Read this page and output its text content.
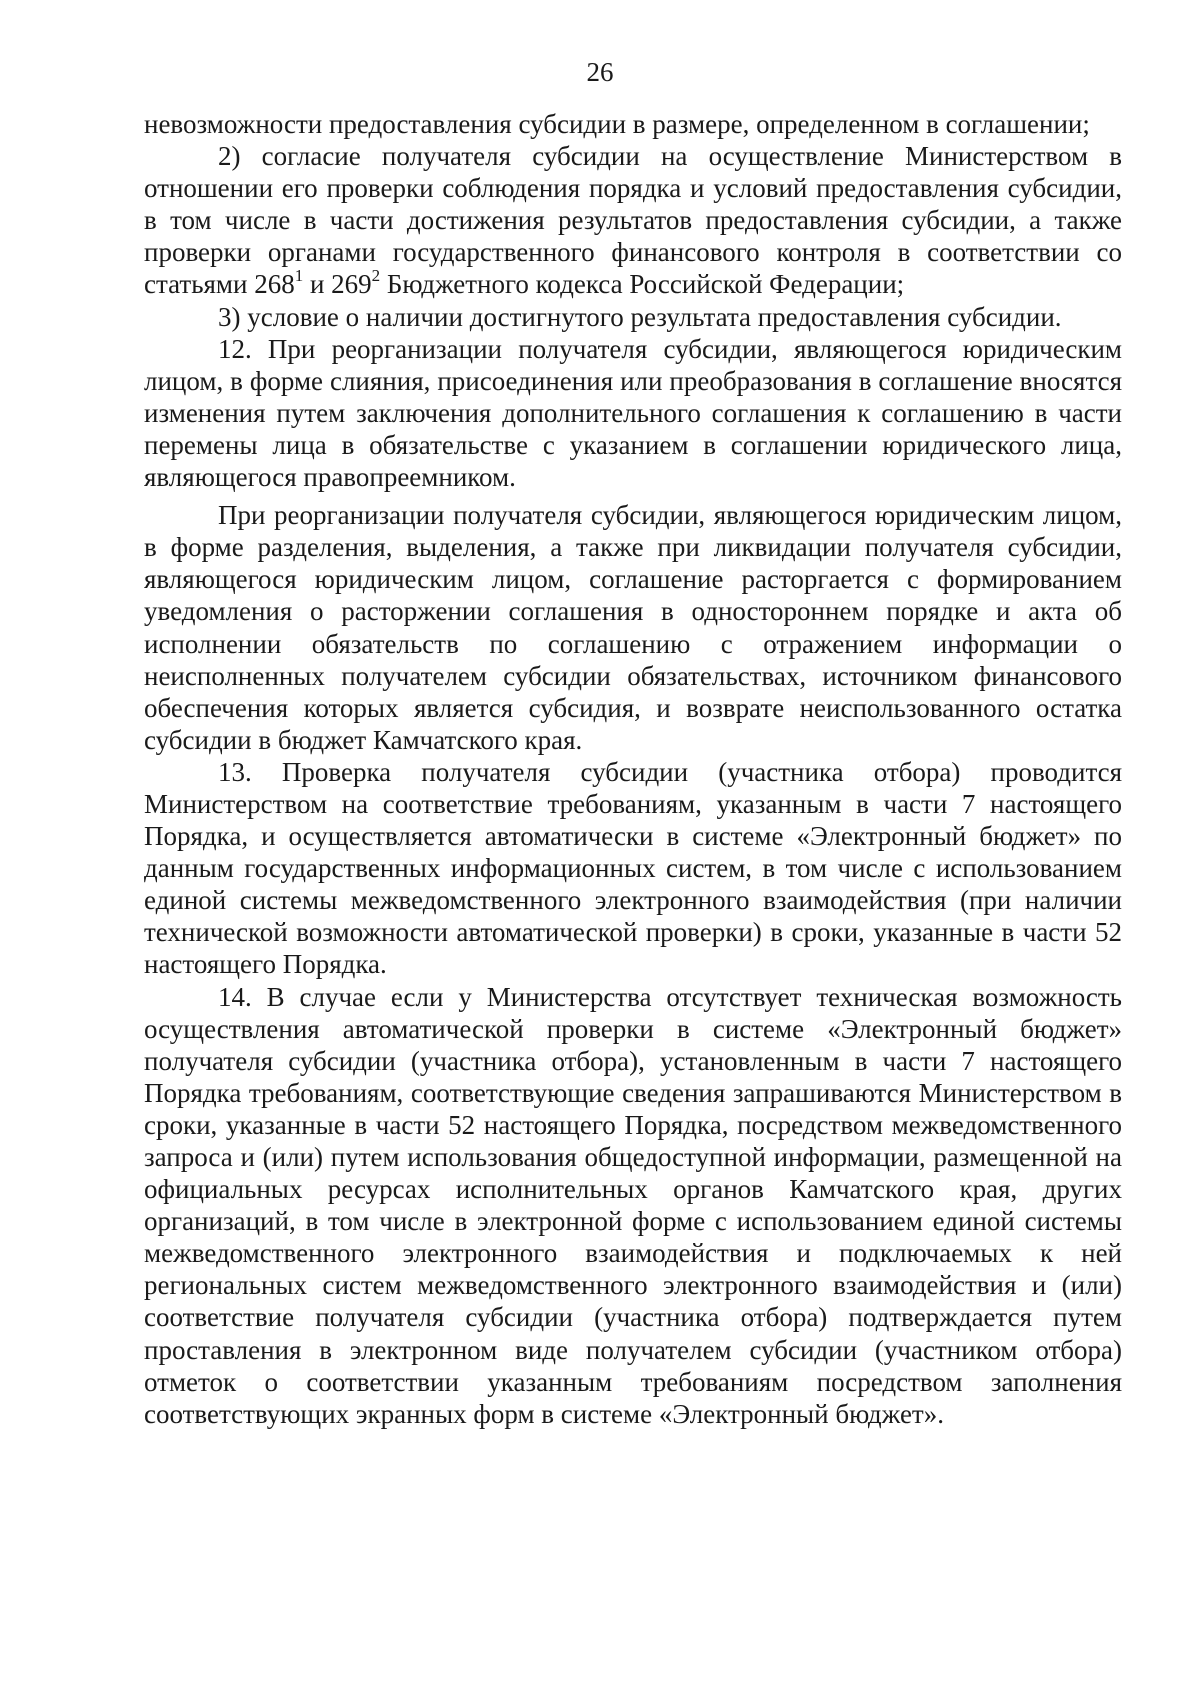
26

невозможности предоставления субсидии в размере, определенном в соглашении;

2) согласие получателя субсидии на осуществление Министерством в отношении его проверки соблюдения порядка и условий предоставления субсидии, в том числе в части достижения результатов предоставления субсидии, а также проверки органами государственного финансового контроля в соответствии со статьями $268^1$ и $269^2$ Бюджетного кодекса Российской Федерации;

3) условие о наличии достигнутого результата предоставления субсидии.

12. При реорганизации получателя субсидии, являющегося юридическим лицом, в форме слияния, присоединения или преобразования в соглашение вносятся изменения путем заключения дополнительного соглашения к соглашению в части перемены лица в обязательстве с указанием в соглашении юридического лица, являющегося правопреемником.

При реорганизации получателя субсидии, являющегося юридическим лицом, в форме разделения, выделения, а также при ликвидации получателя субсидии, являющегося юридическим лицом, соглашение расторгается с формированием уведомления о расторжении соглашения в одностороннем порядке и акта об исполнении обязательств по соглашению с отражением информации о неисполненных получателем субсидии обязательствах, источником финансового обеспечения которых является субсидия, и возврате неиспользованного остатка субсидии в бюджет Камчатского края.

13. Проверка получателя субсидии (участника отбора) проводится Министерством на соответствие требованиям, указанным в части 7 настоящего Порядка, и осуществляется автоматически в системе «Электронный бюджет» по данным государственных информационных систем, в том числе с использованием единой системы межведомственного электронного взаимодействия (при наличии технической возможности автоматической проверки) в сроки, указанные в части 52 настоящего Порядка.

14. В случае если у Министерства отсутствует техническая возможность осуществления автоматической проверки в системе «Электронный бюджет» получателя субсидии (участника отбора), установленным в части 7 настоящего Порядка требованиям, соответствующие сведения запрашиваются Министерством в сроки, указанные в части 52 настоящего Порядка, посредством межведомственного запроса и (или) путем использования общедоступной информации, размещенной на официальных ресурсах исполнительных органов Камчатского края, других организаций, в том числе в электронной форме с использованием единой системы межведомственного электронного взаимодействия и подключаемых к ней региональных систем межведомственного электронного взаимодействия и (или) соответствие получателя субсидии (участника отбора) подтверждается путем проставления в электронном виде получателем субсидии (участником отбора) отметок о соответствии указанным требованиям посредством заполнения соответствующих экранных форм в системе «Электронный бюджет».
